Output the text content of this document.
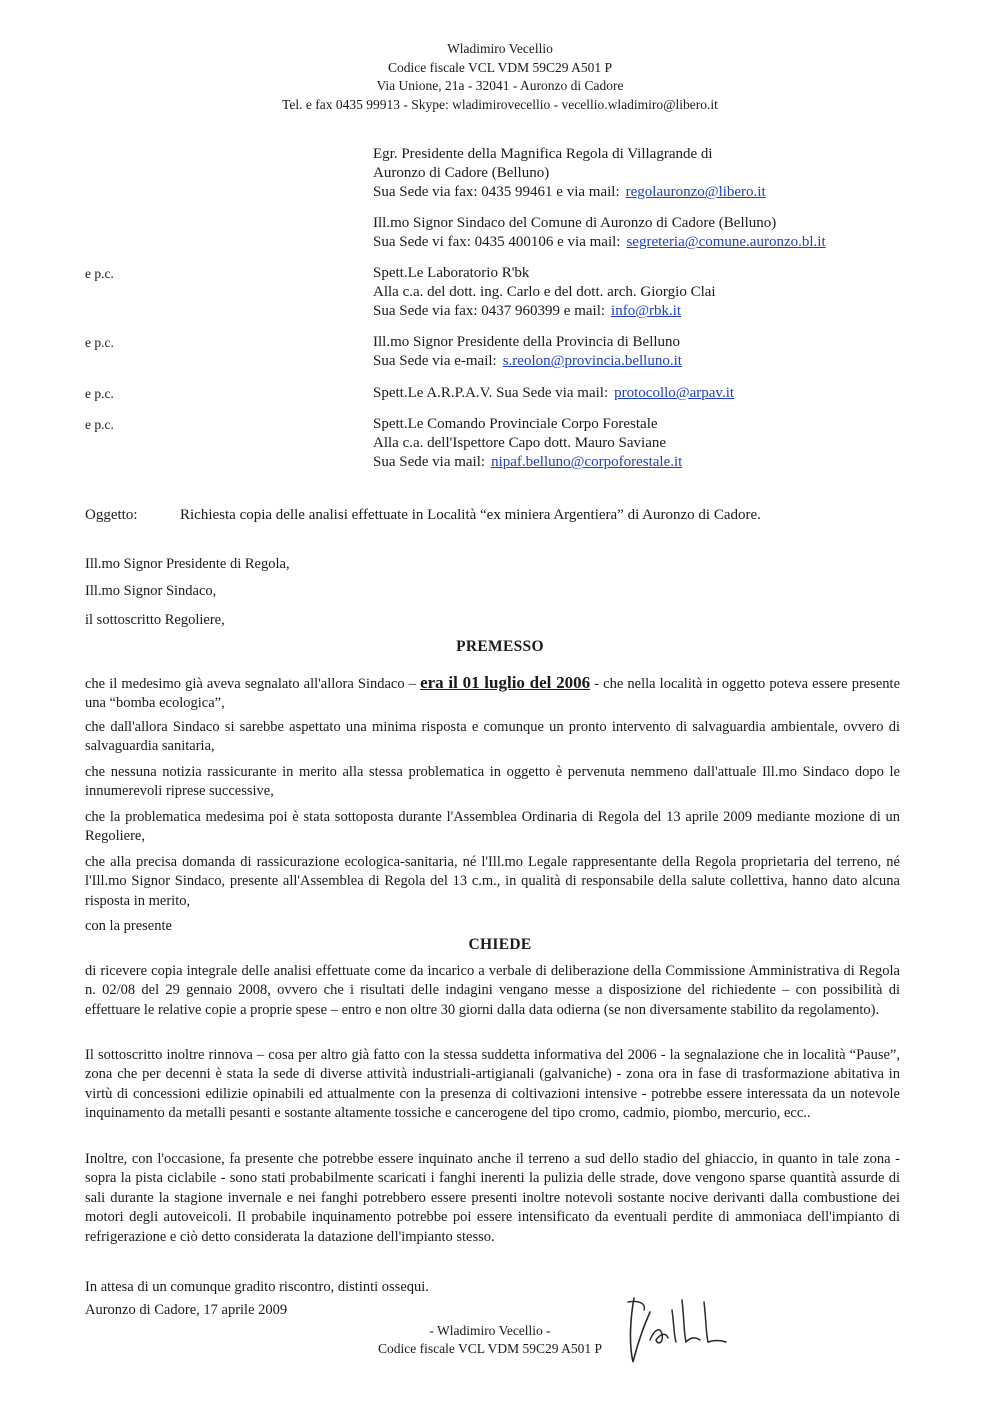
Wladimiro Vecellio
Codice fiscale VCL VDM 59C29 A501 P
Via Unione, 21a - 32041 - Auronzo di Cadore
Tel. e fax 0435 99913 - Skype: wladimirovecellio - vecellio.wladimiro@libero.it
Egr. Presidente della Magnifica Regola di Villagrande di
Auronzo di Cadore (Belluno)
Sua Sede via fax: 0435 99461 e via mail: regolauronzo@libero.it
Ill.mo Signor Sindaco del Comune di Auronzo di Cadore (Belluno)
Sua Sede vi fax: 0435 400106 e via mail: segreteria@comune.auronzo.bl.it
e p.c.	Spett.Le Laboratorio R'bk
Alla c.a. del dott. ing. Carlo e del dott. arch. Giorgio Clai
Sua Sede via fax: 0437 960399 e mail: info@rbk.it
e p.c.	Ill.mo Signor Presidente della Provincia di Belluno
Sua Sede via e-mail: s.reolon@provincia.belluno.it
e p.c.	Spett.Le A.R.P.A.V. Sua Sede via mail: protocollo@arpav.it
e p.c.	Spett.Le Comando Provinciale Corpo Forestale
Alla c.a. dell'Ispettore Capo dott. Mauro Saviane
Sua Sede via mail: nipaf.belluno@corpoforestale.it
Oggetto:	Richiesta copia delle analisi effettuate in Località “ex miniera Argentiera” di Auronzo di Cadore.
Ill.mo Signor Presidente di Regola,
Ill.mo Signor Sindaco,
il sottoscritto Regoliere,
PREMESSO
che il medesimo già aveva segnalato all'allora Sindaco – era il 01 luglio del 2006 - che nella località in oggetto poteva essere presente una “bomba ecologica”,
che dall'allora Sindaco si sarebbe aspettato una minima risposta e comunque un pronto intervento di salvaguardia ambientale, ovvero di salvaguardia sanitaria,
che nessuna notizia rassicurante in merito alla stessa problematica in oggetto è pervenuta nemmeno dall'attuale Ill.mo Sindaco dopo le innumerevoli riprese successive,
che la problematica medesima poi è stata sottoposta durante l'Assemblea Ordinaria di Regola del 13 aprile 2009 mediante mozione di un Regoliere,
che alla precisa domanda di rassicurazione ecologica-sanitaria, né l'Ill.mo Legale rappresentante della Regola proprietaria del terreno, né l'Ill.mo Signor Sindaco, presente all'Assemblea di Regola del 13 c.m., in qualità di responsabile della salute collettiva, hanno dato alcuna risposta in merito,
con la presente
CHIEDE
di ricevere copia integrale delle analisi effettuate come da incarico a verbale di deliberazione della Commissione Amministrativa di Regola n. 02/08 del 29 gennaio 2008, ovvero che i risultati delle indagini vengano messe a disposizione del richiedente – con possibilità di effettuare le relative copie a proprie spese – entro e non oltre 30 giorni dalla data odierna (se non diversamente stabilito da regolamento).
Il sottoscritto inoltre rinnova – cosa per altro già fatto con la stessa suddetta informativa del 2006 - la segnalazione che in località “Pause”, zona che per decenni è stata la sede di diverse attività industriali-artigianali (galvaniche) - zona ora in fase di trasformazione abitativa in virtù di concessioni edilizie opinabili ed attualmente con la presenza di coltivazioni intensive - potrebbe essere interessata da un notevole inquinamento da metalli pesanti e sostante altamente tossiche e cancerogene del tipo cromo, cadmio, piombo, mercurio, ecc..
Inoltre, con l'occasione, fa presente che potrebbe essere inquinato anche il terreno a sud dello stadio del ghiaccio, in quanto in tale zona - sopra la pista ciclabile - sono stati probabilmente scaricati i fanghi inerenti la pulizia delle strade, dove vengono sparse quantità assurde di sali durante la stagione invernale e nei fanghi potrebbero essere presenti inoltre notevoli sostante nocive derivanti dalla combustione dei motori degli autoveicoli. Il probabile inquinamento potrebbe poi essere intensificato da eventuali perdite di ammoniaca dell'impianto di refrigerazione e ciò detto considerata la datazione dell'impianto stesso.
In attesa di un comunque gradito riscontro, distinti ossequi.
Auronzo di Cadore, 17 aprile 2009
- Wladimiro Vecellio -
Codice fiscale VCL VDM 59C29 A501 P
